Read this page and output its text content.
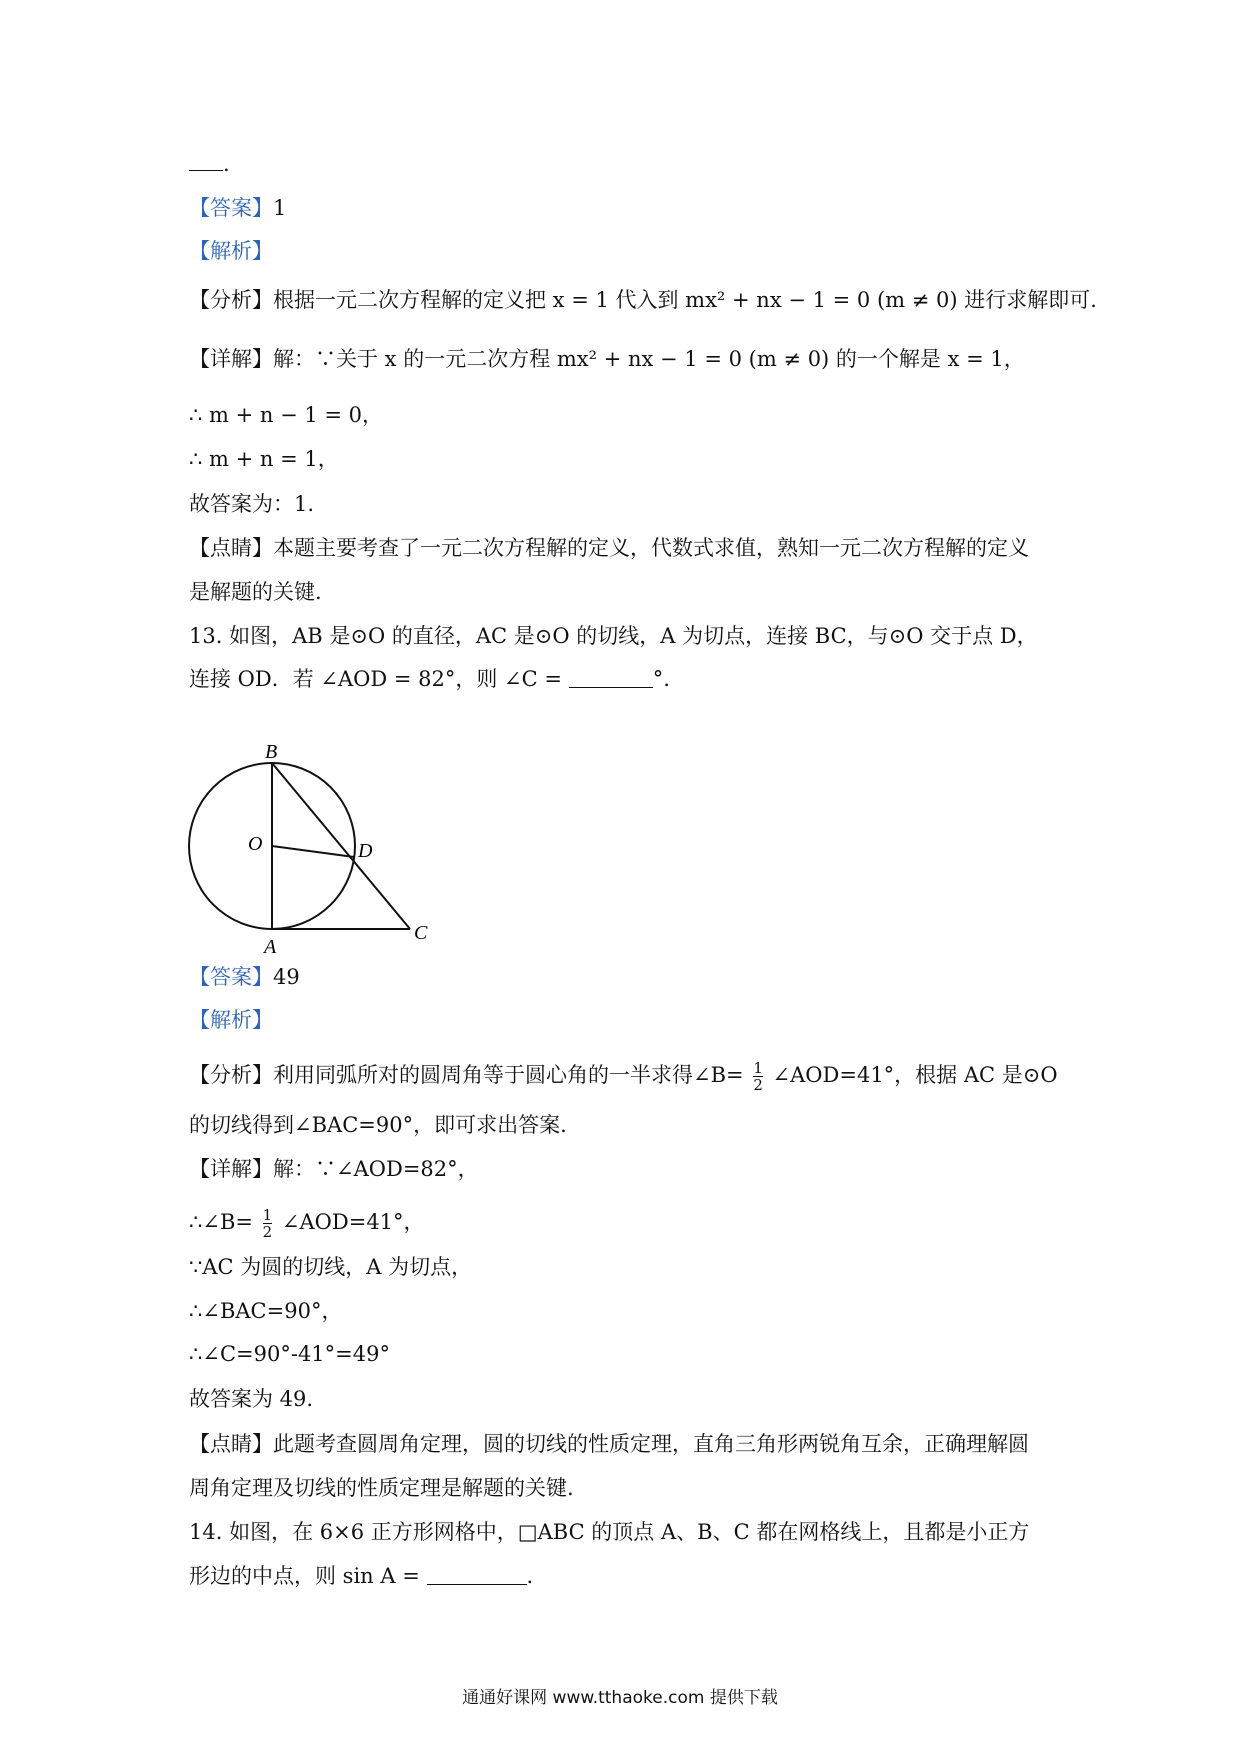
.
【答案】1
【解析】
【分析】根据一元二次方程解的定义把 x = 1 代入到 mx² + nx − 1 = 0 (m ≠ 0) 进行求解即可.
【详解】解：∵关于 x 的一元二次方程 mx² + nx − 1 = 0 (m ≠ 0) 的一个解是 x = 1，
∴ m + n − 1 = 0，
∴ m + n = 1，
故答案为：1.
【点睛】本题主要考查了一元二次方程解的定义，代数式求值，熟知一元二次方程解的定义
是解题的关键.
13. 如图，AB 是⊙O 的直径，AC 是⊙O 的切线，A 为切点，连接 BC，与⊙O 交于点 D，
连接 OD．若 ∠AOD = 82°，则 ∠C =	°.
B
O	D
A
C
【答案】49
【解析】
【分析】利用同弧所对的圆周角等于圆心角的一半求得∠B= $\frac{1}{2}$ ∠AOD=41°，根据 AC 是⊙O
的切线得到∠BAC=90°，即可求出答案.
【详解】解：∵∠AOD=82°，
∴∠B= $\frac{1}{2}$ ∠AOD=41°，
∵AC 为圆的切线，A 为切点，
∴∠BAC=90°，
∴∠C=90°-41°=49°
故答案为 49.
【点睛】此题考查圆周角定理，圆的切线的性质定理，直角三角形两锐角互余，正确理解圆
周角定理及切线的性质定理是解题的关键.
14. 如图，在 6×6 正方形网格中，□ABC 的顶点 A、B、C 都在网格线上，且都是小正方
形边的中点，则 sin A =	.
通通好课网 www.tthaoke.com 提供下载
